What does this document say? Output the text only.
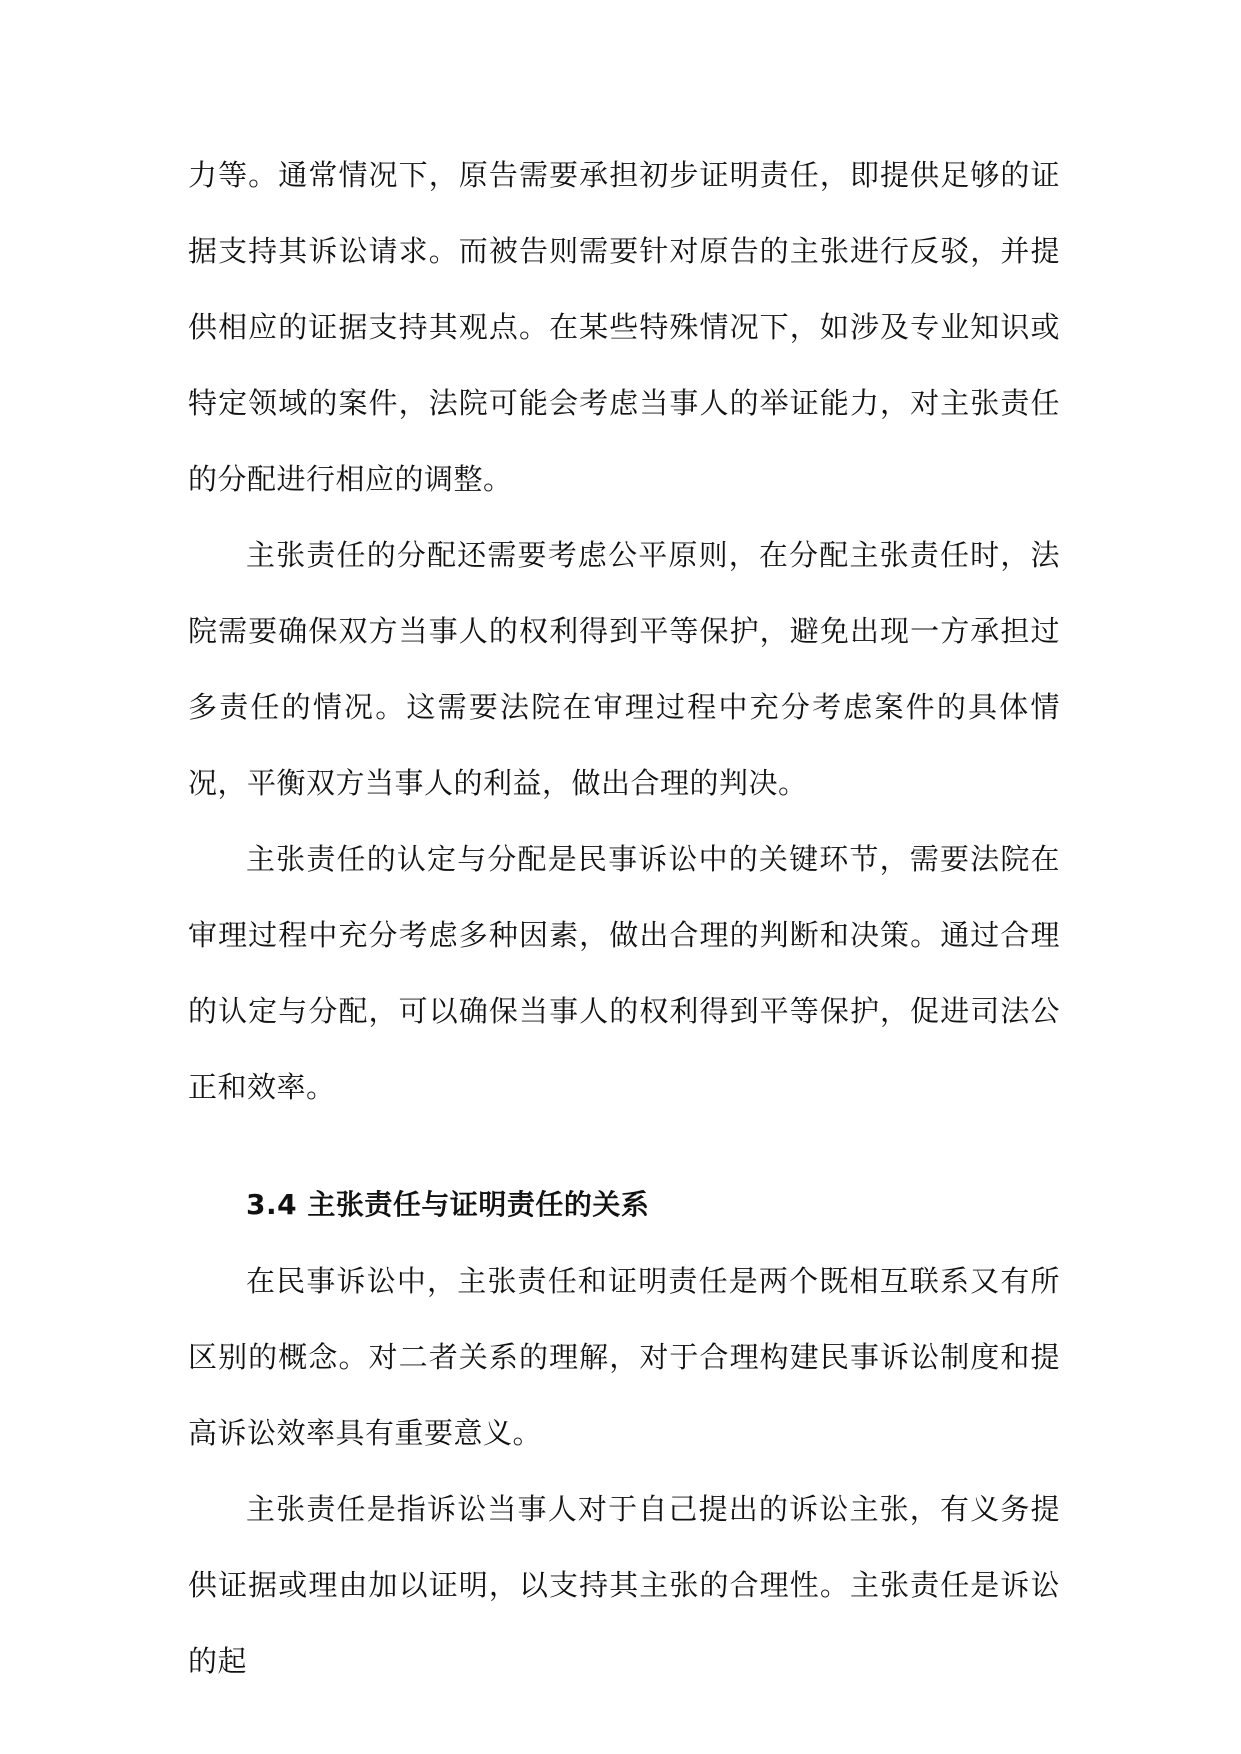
力等。通常情况下，原告需要承担初步证明责任，即提供足够的证据支持其诉讼请求。而被告则需要针对原告的主张进行反驳，并提供相应的证据支持其观点。在某些特殊情况下，如涉及专业知识或特定领域的案件，法院可能会考虑当事人的举证能力，对主张责任的分配进行相应的调整。

主张责任的分配还需要考虑公平原则，在分配主张责任时，法院需要确保双方当事人的权利得到平等保护，避免出现一方承担过多责任的情况。这需要法院在审理过程中充分考虑案件的具体情况，平衡双方当事人的利益，做出合理的判决。

主张责任的认定与分配是民事诉讼中的关键环节，需要法院在审理过程中充分考虑多种因素，做出合理的判断和决策。通过合理的认定与分配，可以确保当事人的权利得到平等保护，促进司法公正和效率。

3.4 主张责任与证明责任的关系

在民事诉讼中，主张责任和证明责任是两个既相互联系又有所区别的概念。对二者关系的理解，对于合理构建民事诉讼制度和提高诉讼效率具有重要意义。

主张责任是指诉讼当事人对于自己提出的诉讼主张，有义务提供证据或理由加以证明，以支持其主张的合理性。主张责任是诉讼的起
